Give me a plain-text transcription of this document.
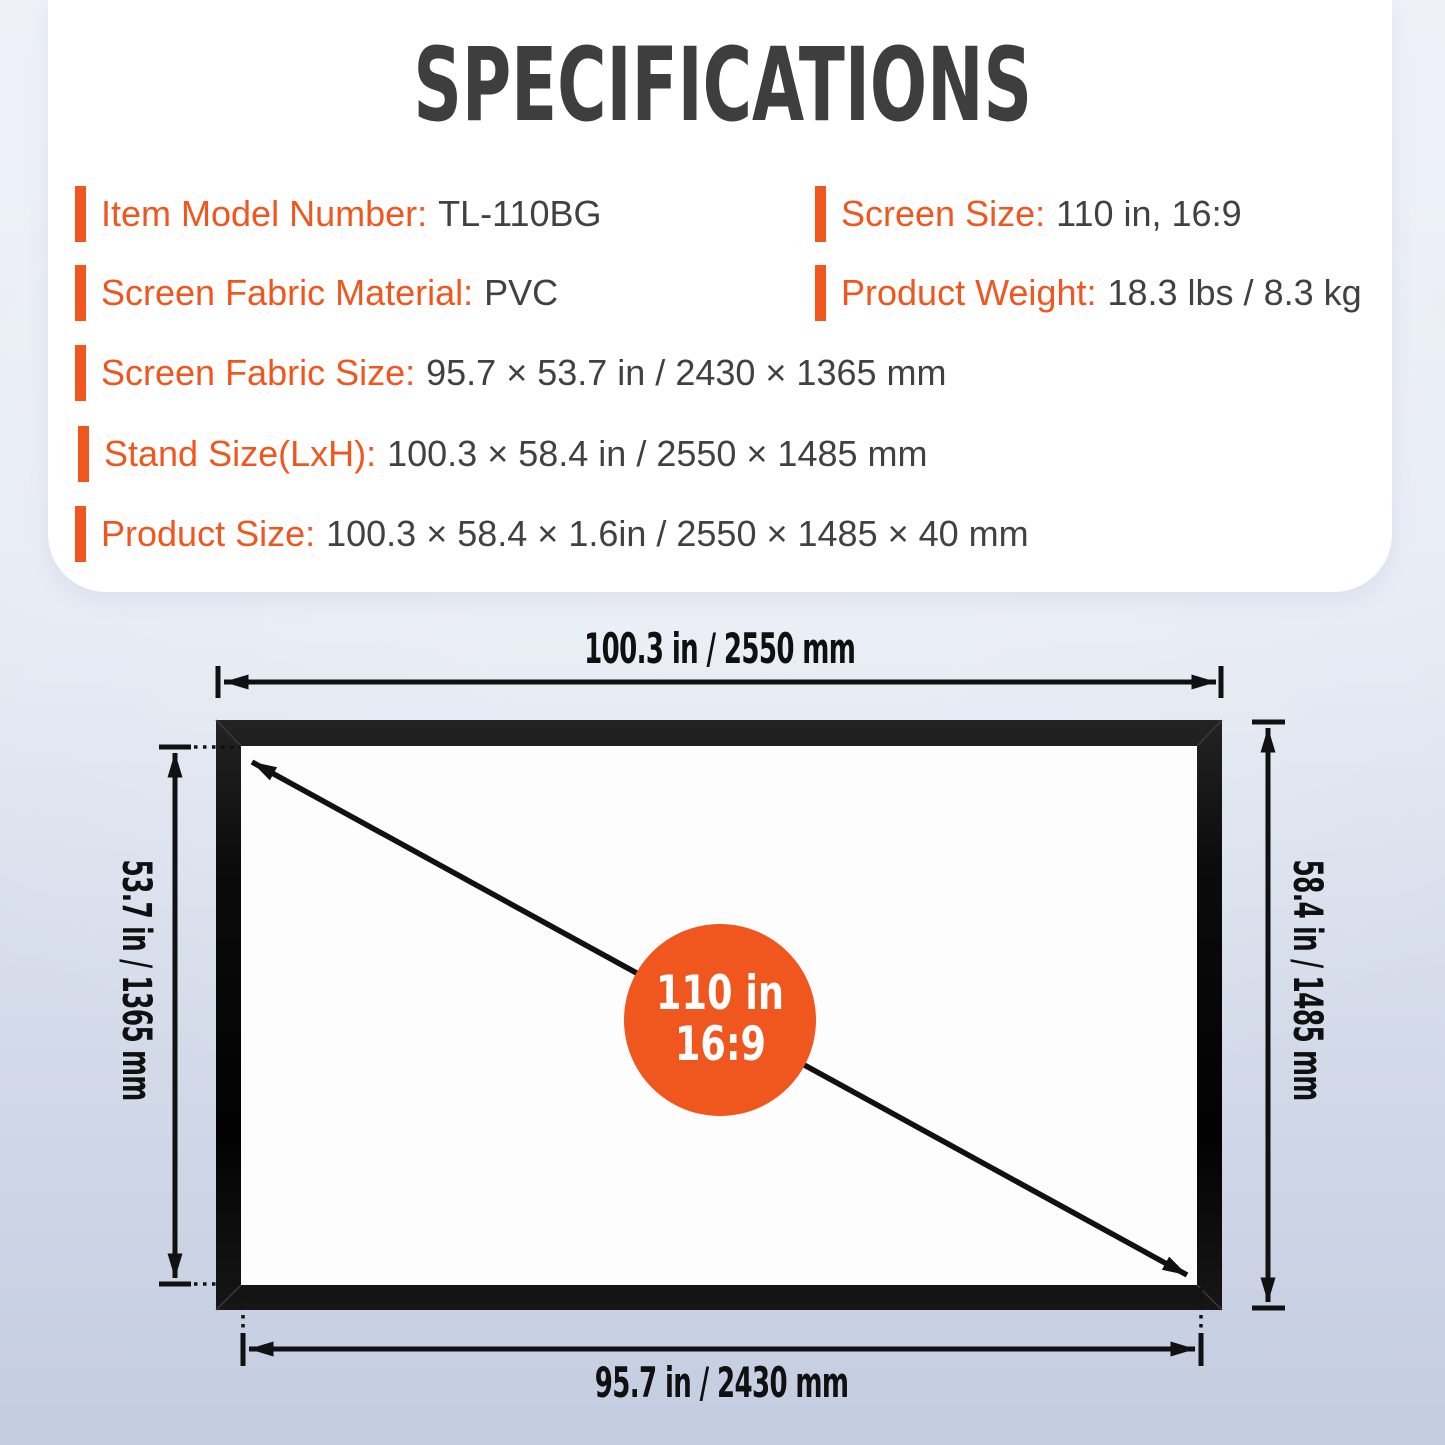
SPECIFICATIONS
Item Model Number: TL-110BG	Screen Size: 110 in, 16:9
Screen Fabric Material: PVC	Product Weight: 18.3 lbs / 8.3 kg
Screen Fabric Size: 95.7 × 53.7 in / 2430 × 1365 mm
Stand Size(LxH): 100.3 × 58.4 in / 2550 × 1485 mm
Product Size: 100.3 × 58.4 × 1.6in / 2550 × 1485 × 40 mm
100.3 in / 2550 mm
95.7 in / 2430 mm
53.7 in / 1365 mm	58.4 in / 1485 mm
110 in
16:9
